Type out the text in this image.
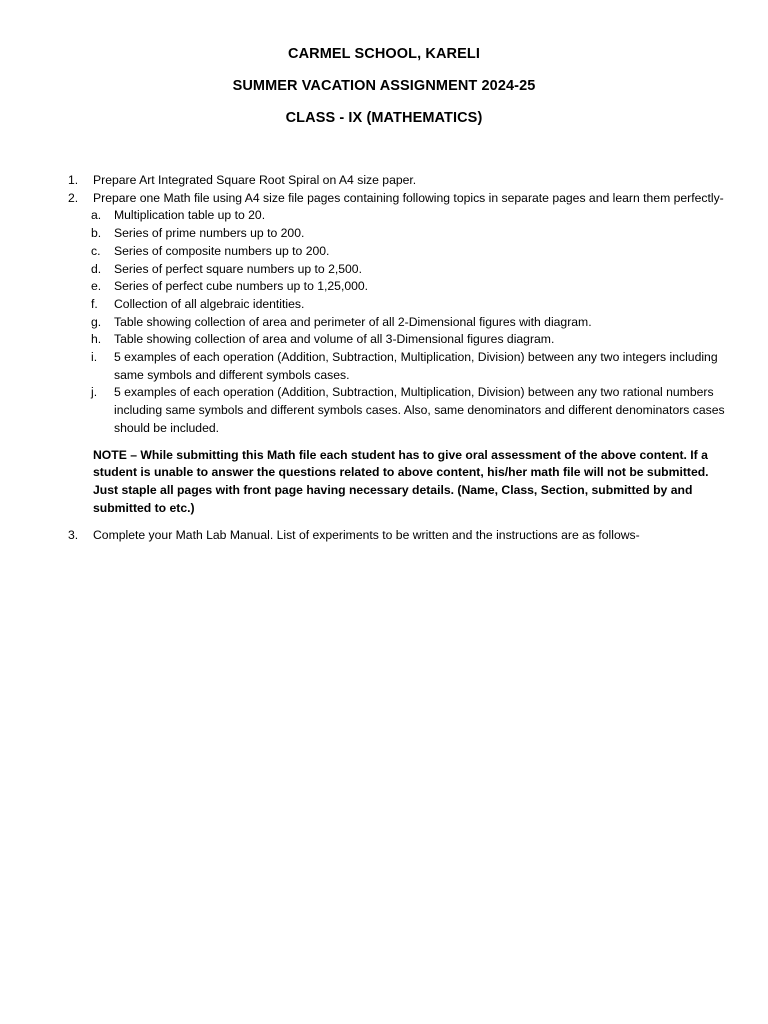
CARMEL SCHOOL, KARELI
SUMMER VACATION ASSIGNMENT 2024-25
CLASS - IX (MATHEMATICS)
1. Prepare Art Integrated Square Root Spiral on A4 size paper.
2. Prepare one Math file using A4 size file pages containing following topics in separate pages and learn them perfectly-
a. Multiplication table up to 20.
b. Series of prime numbers up to 200.
c. Series of composite numbers up to 200.
d. Series of perfect square numbers up to 2,500.
e. Series of perfect cube numbers up to 1,25,000.
f. Collection of all algebraic identities.
g. Table showing collection of area and perimeter of all 2-Dimensional figures with diagram.
h. Table showing collection of area and volume of all 3-Dimensional figures diagram.
i. 5 examples of each operation (Addition, Subtraction, Multiplication, Division) between any two integers including same symbols and different symbols cases.
j. 5 examples of each operation (Addition, Subtraction, Multiplication, Division) between any two rational numbers including same symbols and different symbols cases. Also, same denominators and different denominators cases should be included.
NOTE – While submitting this Math file each student has to give oral assessment of the above content. If a student is unable to answer the questions related to above content, his/her math file will not be submitted. Just staple all pages with front page having necessary details. (Name, Class, Section, submitted by and submitted to etc.)
3. Complete your Math Lab Manual. List of experiments to be written and the instructions are as follows-
